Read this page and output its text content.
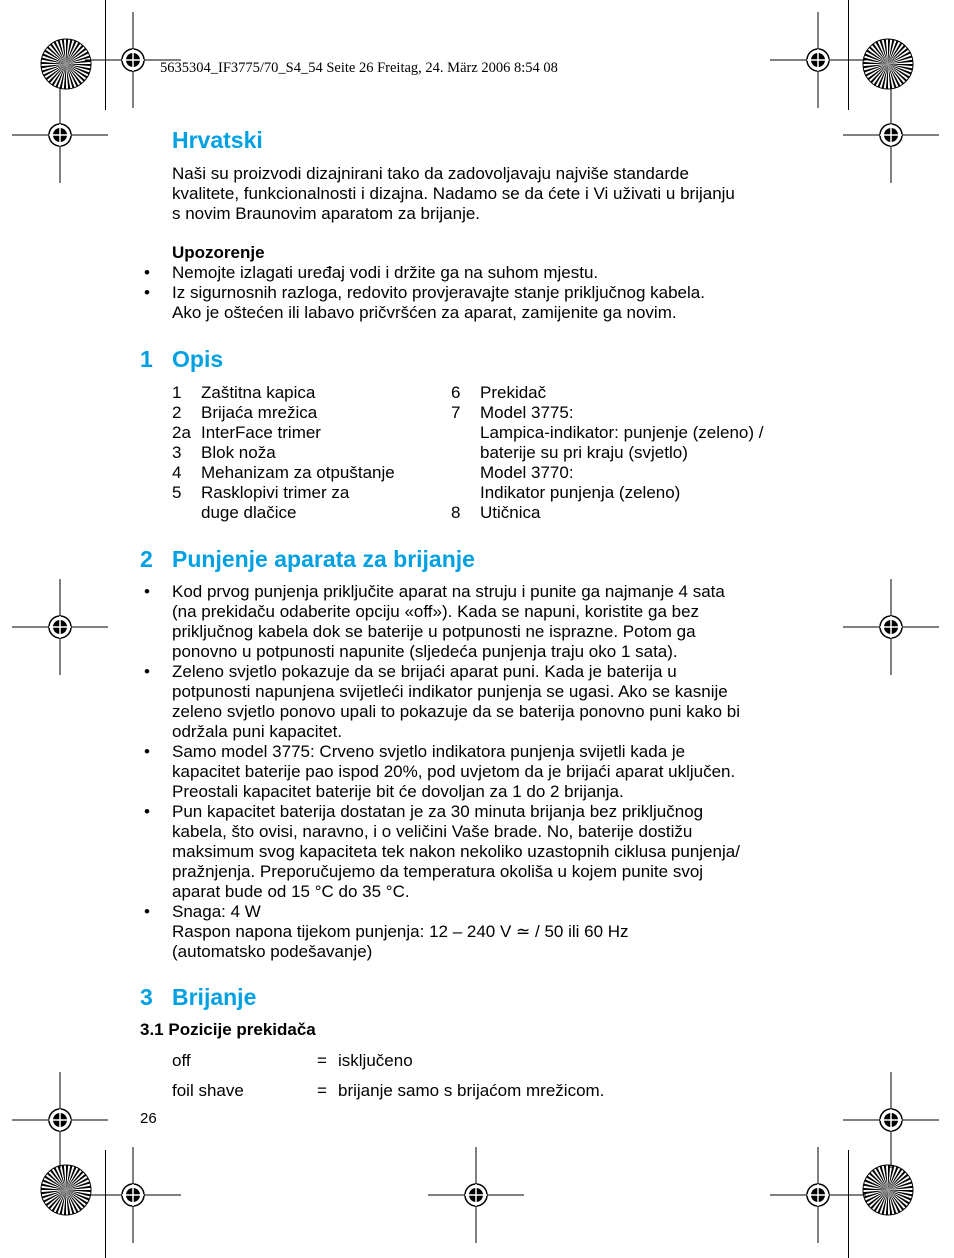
5635304_IF3775/70_S4_54 Seite 26 Freitag, 24. März 2006 8:54 08
Hrvatski
Naši su proizvodi dizajnirani tako da zadovoljavaju najviše standarde
kvalitete, funkcionalnosti i dizajna. Nadamo se da ćete i Vi uživati u brijanju
s novim Braunovim aparatom za brijanje.
Upozorenje
• Nemojte izlagati uređaj vodi i držite ga na suhom mjestu.
• Iz sigurnosnih razloga, redovito provjeravajte stanje priključnog kabela.
Ako je oštećen ili labavo pričvršćen za aparat, zamijenite ga novim.
1 Opis
1 Zaštitna kapica
2 Brijaća mrežica
2a InterFace trimer
3 Blok noža
4 Mehanizam za otpuštanje
5 Rasklopivi trimer za
duge dlačice
6 Prekidač
7 Model 3775:
Lampica-indikator: punjenje (zeleno) /
baterije su pri kraju (svjetlo)
Model 3770:
Indikator punjenja (zeleno)
8 Utičnica
2 Punjenje aparata za brijanje
• Kod prvog punjenja priključite aparat na struju i punite ga najmanje 4 sata
(na prekidaču odaberite opciju «off»). Kada se napuni, koristite ga bez
priključnog kabela dok se baterije u potpunosti ne isprazne. Potom ga
ponovno u potpunosti napunite (sljedeća punjenja traju oko 1 sata).
• Zeleno svjetlo pokazuje da se brijaći aparat puni. Kada je baterija u
potpunosti napunjena svijetleći indikator punjenja se ugasi. Ako se kasnije
zeleno svjetlo ponovo upali to pokazuje da se baterija ponovno puni kako bi
održala puni kapacitet.
• Samo model 3775: Crveno svjetlo indikatora punjenja svijetli kada je
kapacitet baterije pao ispod 20%, pod uvjetom da je brijaći aparat uključen.
Preostali kapacitet baterije bit će dovoljan za 1 do 2 brijanja.
• Pun kapacitet baterija dostatan je za 30 minuta brijanja bez priključnog
kabela, što ovisi, naravno, i o veličini Vaše brade. No, baterije dostižu
maksimum svog kapaciteta tek nakon nekoliko uzastopnih ciklusa punjenja/
pražnjenja. Preporučujemo da temperatura okoliša u kojem punite svoj
aparat bude od 15 °C do 35 °C.
• Snaga: 4 W
Raspon napona tijekom punjenja: 12 – 240 V ≃ / 50 ili 60 Hz
(automatsko podešavanje)
3 Brijanje
3.1 Pozicije prekidača
off	= isključeno
foil shave	= brijanje samo s brijaćom mrežicom.
26
